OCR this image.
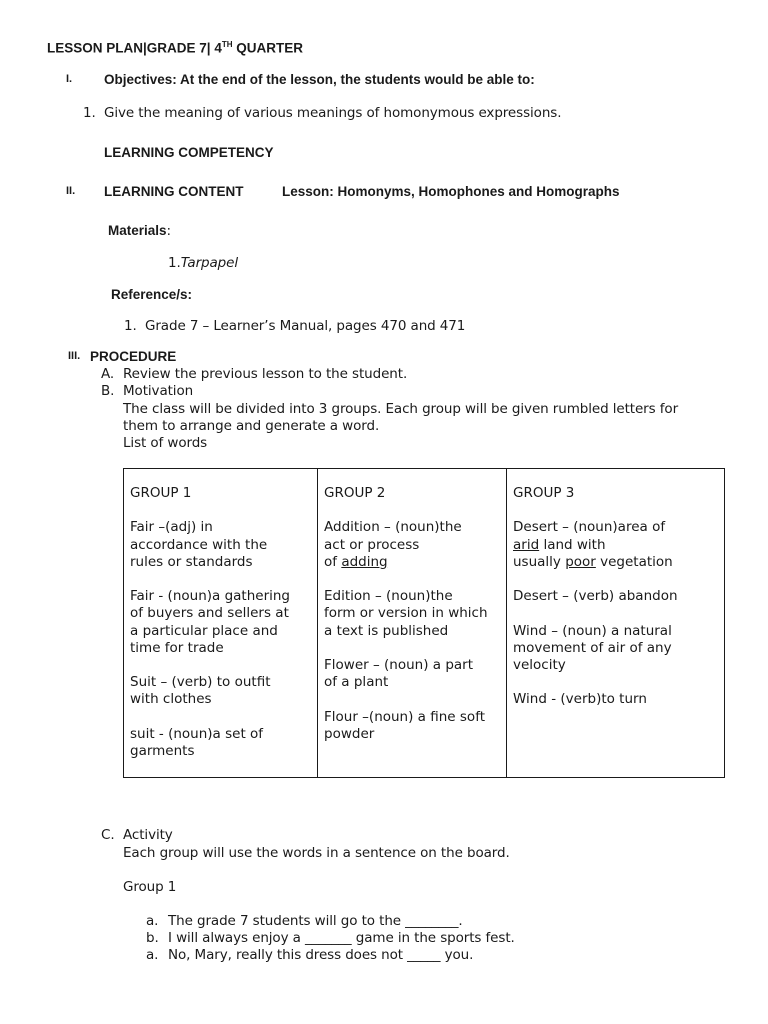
LESSON PLAN|GRADE 7| 4TH QUARTER
I. Objectives: At the end of the lesson, the students would be able to:
1. Give the meaning of various meanings of homonymous expressions.
LEARNING COMPETENCY
II. LEARNING CONTENT	Lesson: Homonyms, Homophones and Homographs
Materials:
1.Tarpapel
Reference/s:
1. Grade 7 – Learner’s Manual, pages 470 and 471
III. PROCEDURE
A. Review the previous lesson to the student.
B. Motivation
The class will be divided into 3 groups. Each group will be given rumbled letters for
them to arrange and generate a word.
List of words
GROUP 1
Fair –(adj) in
accordance with the
rules or standards
Fair - (noun)a gathering
of buyers and sellers at
a particular place and
time for trade
Suit – (verb) to outfit
with clothes
suit - (noun)a set of
garments

GROUP 2
Addition – (noun)the
act or process
of adding
Edition – (noun)the
form or version in which
a text is published
Flower – (noun) a part
of a plant
Flour –(noun) a fine soft
powder

GROUP 3
Desert – (noun)area of
arid land with
usually poor vegetation
Desert – (verb) abandon
Wind – (noun) a natural
movement of air of any
velocity
Wind - (verb)to turn
C. Activity
Each group will use the words in a sentence on the board.
Group 1
a. The grade 7 students will go to the ________.
b. I will always enjoy a _______ game in the sports fest.
a. No, Mary, really this dress does not _____ you.
